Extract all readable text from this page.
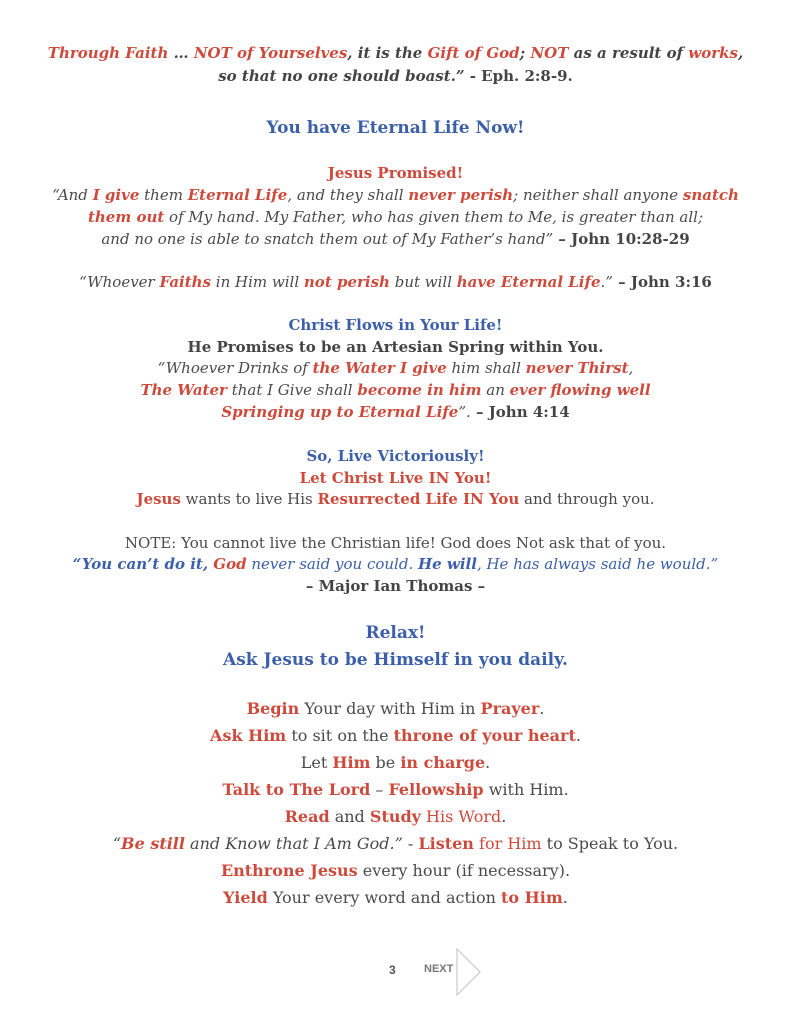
Through Faith … NOT of Yourselves, it is the Gift of God; NOT as a result of works,
so that no one should boast.” - Eph. 2:8-9.
You have Eternal Life Now!
Jesus Promised!
“And I give them Eternal Life, and they shall never perish; neither shall anyone snatch
them out of My hand. My Father, who has given them to Me, is greater than all;
and no one is able to snatch them out of My Father’s hand” – John 10:28-29
“Whoever Faiths in Him will not perish but will have Eternal Life.” – John 3:16
Christ Flows in Your Life!
He Promises to be an Artesian Spring within You.
“Whoever Drinks of the Water I give him shall never Thirst,
The Water that I Give shall become in him an ever flowing well
Springing up to Eternal Life”. – John 4:14
So, Live Victoriously!
Let Christ Live IN You!
Jesus wants to live His Resurrected Life IN You and through you.
NOTE: You cannot live the Christian life! God does Not ask that of you.
“You can’t do it, God never said you could. He will, He has always said he would.”
– Major Ian Thomas –
Relax!
Ask Jesus to be Himself in you daily.
Begin Your day with Him in Prayer.
Ask Him to sit on the throne of your heart.
Let Him be in charge.
Talk to The Lord – Fellowship with Him.
Read and Study His Word.
“Be still and Know that I Am God.” - Listen for Him to Speak to You.
Enthrone Jesus every hour (if necessary).
Yield Your every word and action to Him.
3	NEXT
